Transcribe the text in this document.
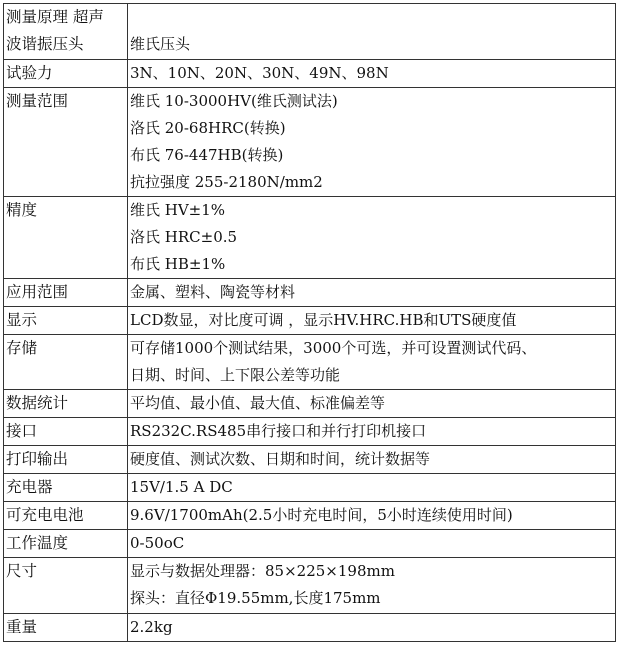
测量原理 超声
波谐振压头	维氏压头

试验力	3N、10N、20N、30N、49N、98N

测量范围	维氏 10-3000HV(维氏测试法)
洛氏 20-68HRC(转换)
布氏 76-447HB(转换)
抗拉强度 255-2180N/mm2

精度	维氏 HV±1%
洛氏 HRC±0.5
布氏 HB±1%

应用范围	金属、塑料、陶瓷等材料

显示	LCD数显，对比度可调 ，显示HV.HRC.HB和UTS硬度值

存储	可存储1000个测试结果，3000个可选，并可设置测试代码、
日期、时间、上下限公差等功能

数据统计	平均值、最小值、最大值、标准偏差等

接口	RS232C.RS485串行接口和并行打印机接口

打印输出	硬度值、测试次数、日期和时间，统计数据等

充电器	15V/1.5 A DC

可充电电池	9.6V/1700mAh(2.5小时充电时间，5小时连续使用时间)

工作温度	0-50oC

尺寸	显示与数据处理器：85×225×198mm
探头：直径Φ19.55mm,长度175mm

重量	2.2kg
